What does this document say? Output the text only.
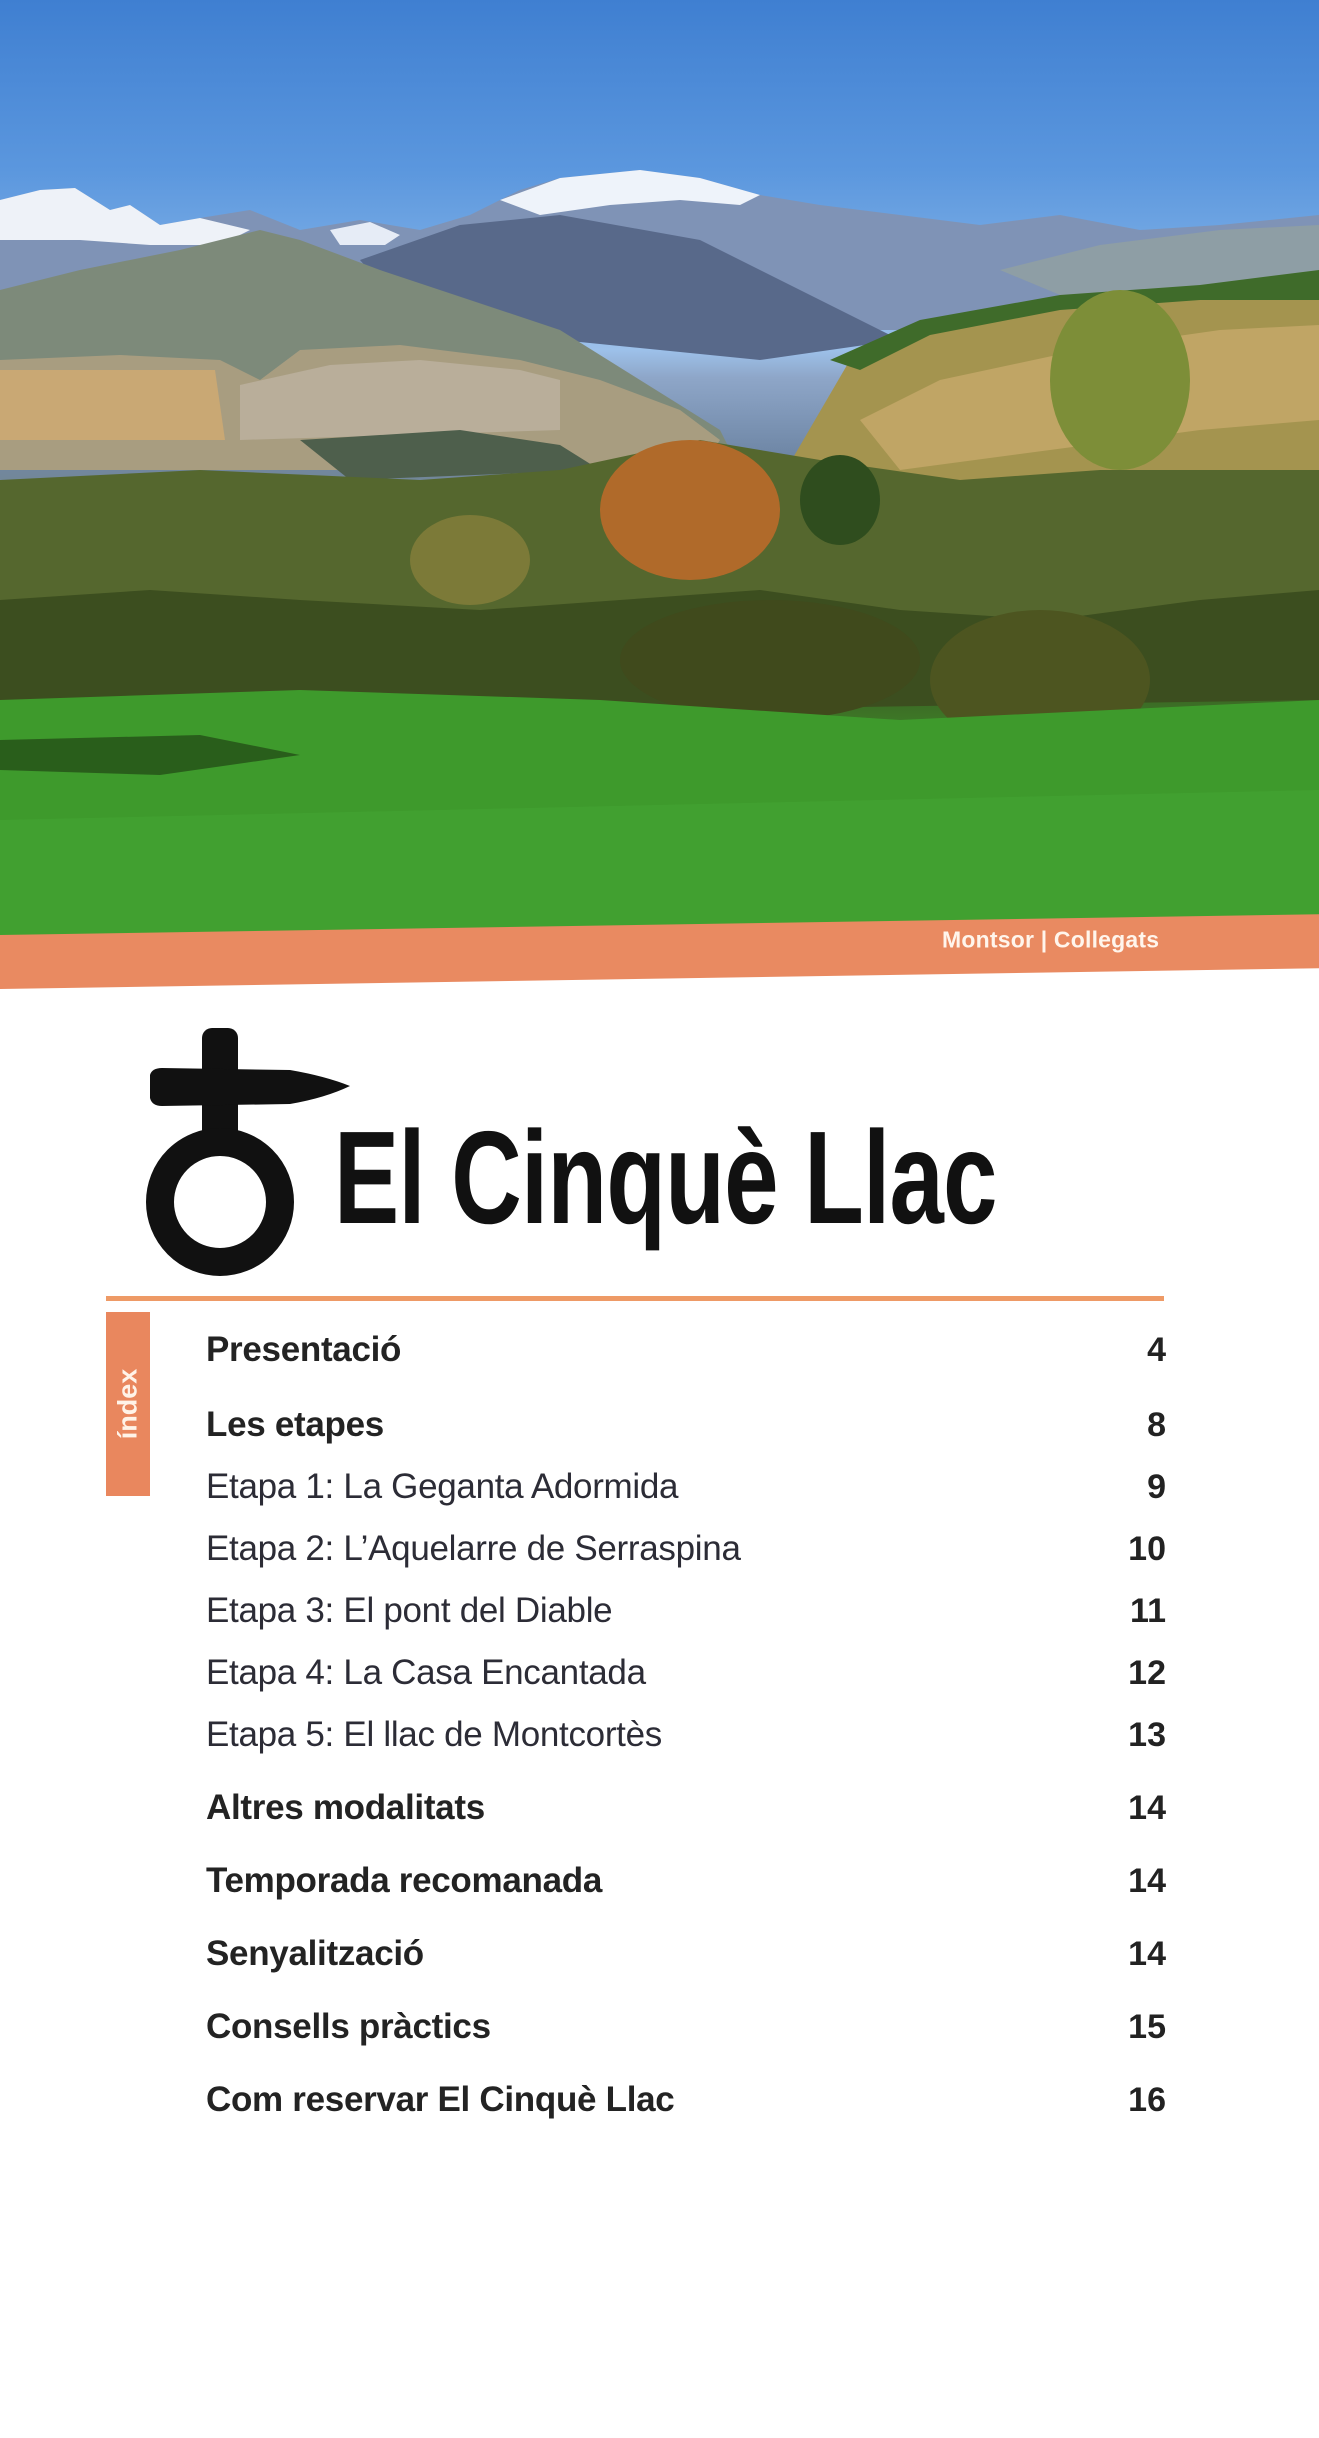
Montsor | Collegats
El Cinquè Llac
índex
Presentació	4
Les etapes	8
Etapa 1: La Geganta Adormida	9
Etapa 2: L’Aquelarre de Serraspina	10
Etapa 3: El pont del Diable	11
Etapa 4: La Casa Encantada	12
Etapa 5: El llac de Montcortès	13
Altres modalitats	14
Temporada recomanada	14
Senyalització	14
Consells pràctics	15
Com reservar El Cinquè Llac	16
